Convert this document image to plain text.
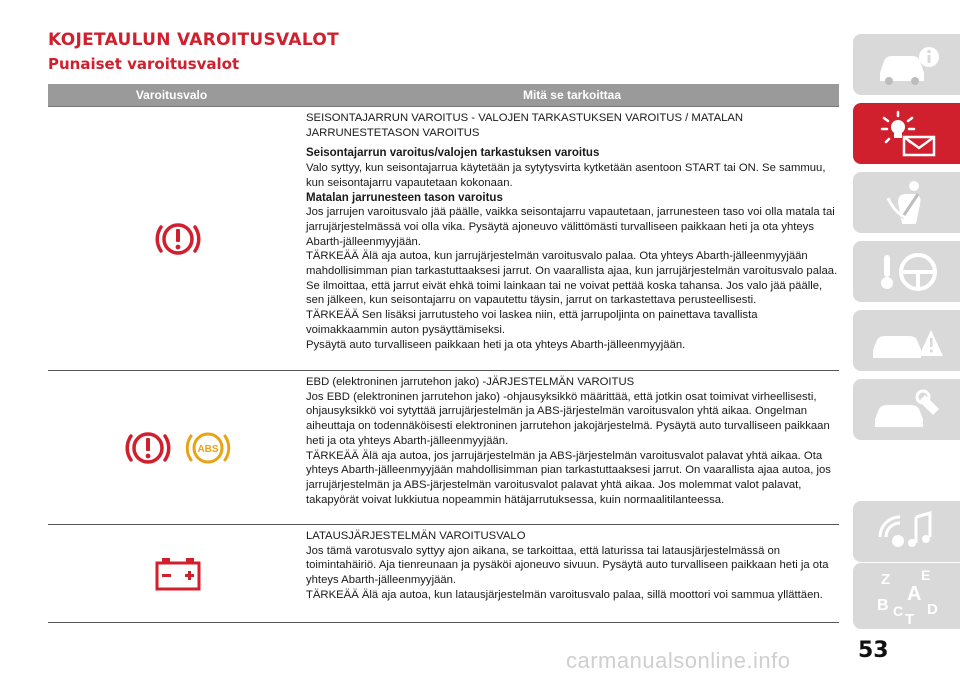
KOJETAULUN VAROITUSVALOT
Punaiset varoitusvalot
Varoitusvalo	Mitä se tarkoittaa

SEISONTAJARRUN VAROITUS - VALOJEN TARKASTUKSEN VAROITUS / MATALAN JARRUNESTETASON VAROITUS

Seisontajarrun varoitus/valojen tarkastuksen varoitus

Valo syttyy, kun seisontajarrua käytetään ja sytytysvirta kytketään asentoon START tai ON. Se sammuu, kun seisontajarru vapautetaan kokonaan.

Matalan jarrunesteen tason varoitus

Jos jarrujen varoitusvalo jää päälle, vaikka seisontajarru vapautetaan, jarrunesteen taso voi olla matala tai jarrujärjestelmässä voi olla vika. Pysäytä ajoneuvo välittömästi turvalliseen paikkaan heti ja ota yhteys Abarth-jälleenmyyjään.

TÄRKEÄÄ Älä aja autoa, kun jarrujärjestelmän varoitusvalo palaa. Ota yhteys Abarth-jälleenmyyjään mahdollisimman pian tarkastuttaaksesi jarrut. On vaarallista ajaa, kun jarrujärjestelmän varoitusvalo palaa. Se ilmoittaa, että jarrut eivät ehkä toimi lainkaan tai ne voivat pettää koska tahansa. Jos valo jää päälle, sen jälkeen, kun seisontajarru on vapautettu täysin, jarrut on tarkastettava perusteellisesti.

TÄRKEÄÄ Sen lisäksi jarrutusteho voi laskea niin, että jarrupoljinta on painettava tavallista voimakkaammin auton pysäyttämiseksi.

Pysäytä auto turvalliseen paikkaan heti ja ota yhteys Abarth-jälleenmyyjään.

ABS

EBD (elektroninen jarrutehon jako) -JÄRJESTELMÄN VAROITUS

Jos EBD (elektroninen jarrutehon jako) -ohjausyksikkö määrittää, että jotkin osat toimivat virheellisesti, ohjausyksikkö voi sytyttää jarrujärjestelmän ja ABS-järjestelmän varoitusvalon yhtä aikaa. Ongelman aiheuttaja on todennäköisesti elektroninen jarrutehon jakojärjestelmä. Pysäytä auto turvalliseen paikkaan heti ja ota yhteys Abarth-jälleenmyyjään.

TÄRKEÄÄ Älä aja autoa, jos jarrujärjestelmän ja ABS-järjestelmän varoitusvalot palavat yhtä aikaa. Ota yhteys Abarth-jälleenmyyjään mahdollisimman pian tarkastuttaaksesi jarrut. On vaarallista ajaa autoa, jos jarrujärjestelmän ja ABS-järjestelmän varoitusvalot palavat yhtä aikaa. Jos molemmat valot palavat, takapyörät voivat lukkiutua nopeammin hätäjarrutuksessa, kuin normaalitilanteessa.

LATAUSJÄRJESTELMÄN VAROITUSVALO

Jos tämä varotusvalo syttyy ajon aikana, se tarkoittaa, että laturissa tai latausjärjestelmässä on toimintahäiriö. Aja tienreunaan ja pysäköi ajoneuvo sivuun. Pysäytä auto turvalliseen paikkaan heti ja ota yhteys Abarth-jälleenmyyjään.

TÄRKEÄÄ Älä aja autoa, kun latausjärjestelmän varoitusvalo palaa, sillä moottori voi sammua yllättäen.

Z E
A
B C T
D
53
carmanualsonline.info
